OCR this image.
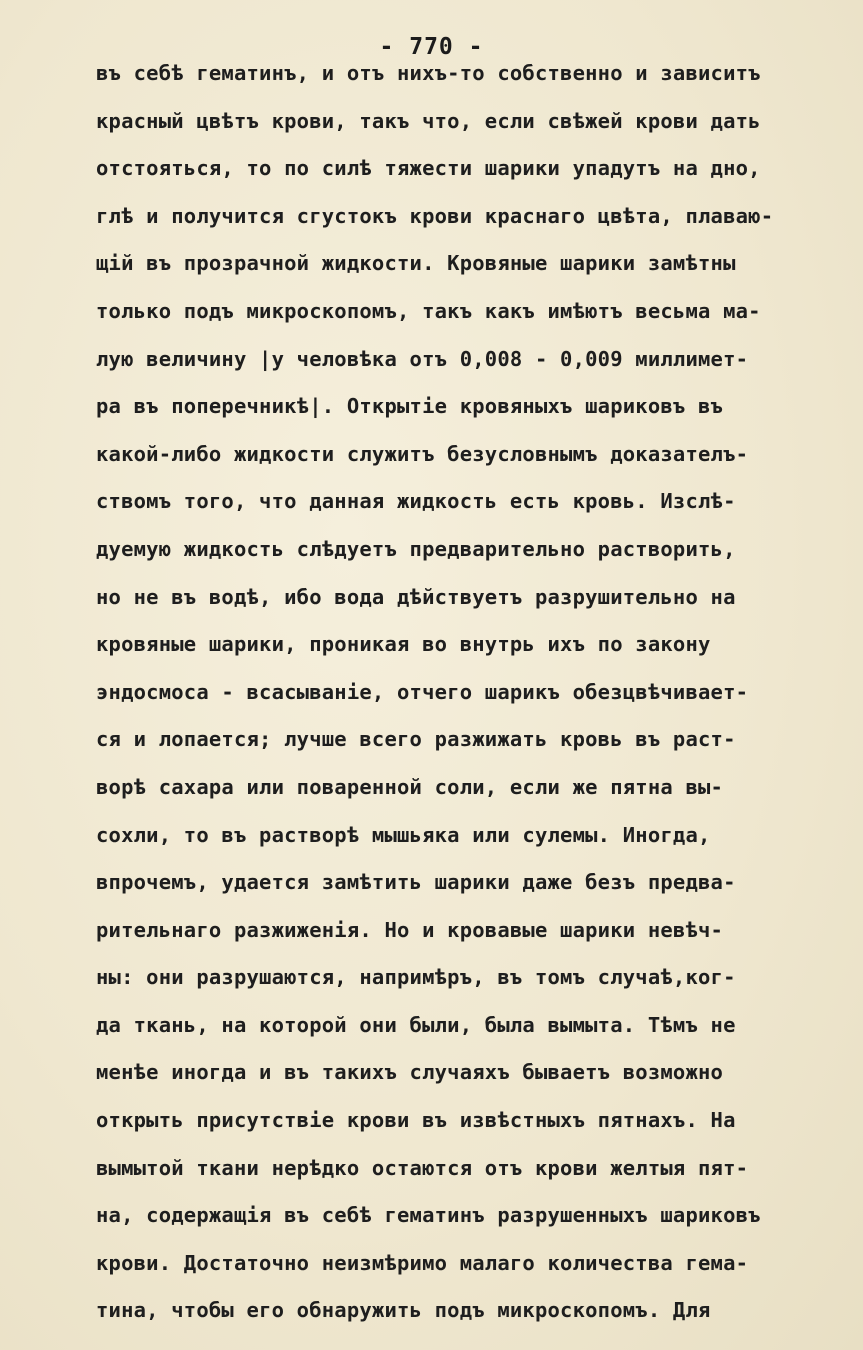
- 770 -
въ себѣ гематинъ, и отъ нихъ-то собственно и зависитъ
красный цвѣтъ крови, такъ что, если свѣжей крови дать
отстояться, то по силѣ тяжести шарики упадутъ на дно,
глѣ и получится сгустокъ крови краснаго цвѣта, плаваю-
щій въ прозрачной жидкости. Кровяные шарики замѣтны
только подъ микроскопомъ, такъ какъ имѣютъ весьма ма-
лую величину |у человѣка отъ 0,008 - 0,009 миллимет-
ра въ поперечникѣ|. Открытіе кровяныхъ шариковъ въ
какой-либо жидкости служитъ безусловнымъ доказателъ-
ствомъ того, что данная жидкость есть кровь. Изслѣ-
дуемую жидкость слѣдуетъ предварительно растворить,
но не въ водѣ, ибо вода дѣйствуетъ разрушительно на
кровяные шарики, проникая во внутрь ихъ по закону
эндосмоса - всасываніе, отчего шарикъ обезцвѣчивает-
ся и лопается; лучше всего разжижать кровь въ раст-
ворѣ сахара или поваренной соли, если же пятна вы-
сохли, то въ растворѣ мышьяка или сулемы. Иногда,
впрочемъ, удается замѣтить шарики даже безъ предва-
рительнаго разжиженія. Но и кровавые шарики невѣч-
ны: они разрушаются, напримѣръ, въ томъ случаѣ,ког-
да ткань, на которой они были, была вымыта. Тѣмъ не
менѣе иногда и въ такихъ случаяхъ бываетъ возможно
открыть присутствіе крови въ извѣстныхъ пятнахъ. На
вымытой ткани нерѣдко остаются отъ крови желтыя пят-
на, содержащія въ себѣ гематинъ разрушенныхъ шариковъ
крови. Достаточно неизмѣримо малаго количества гема-
тина, чтобы его обнаружить подъ микроскопомъ. Для
